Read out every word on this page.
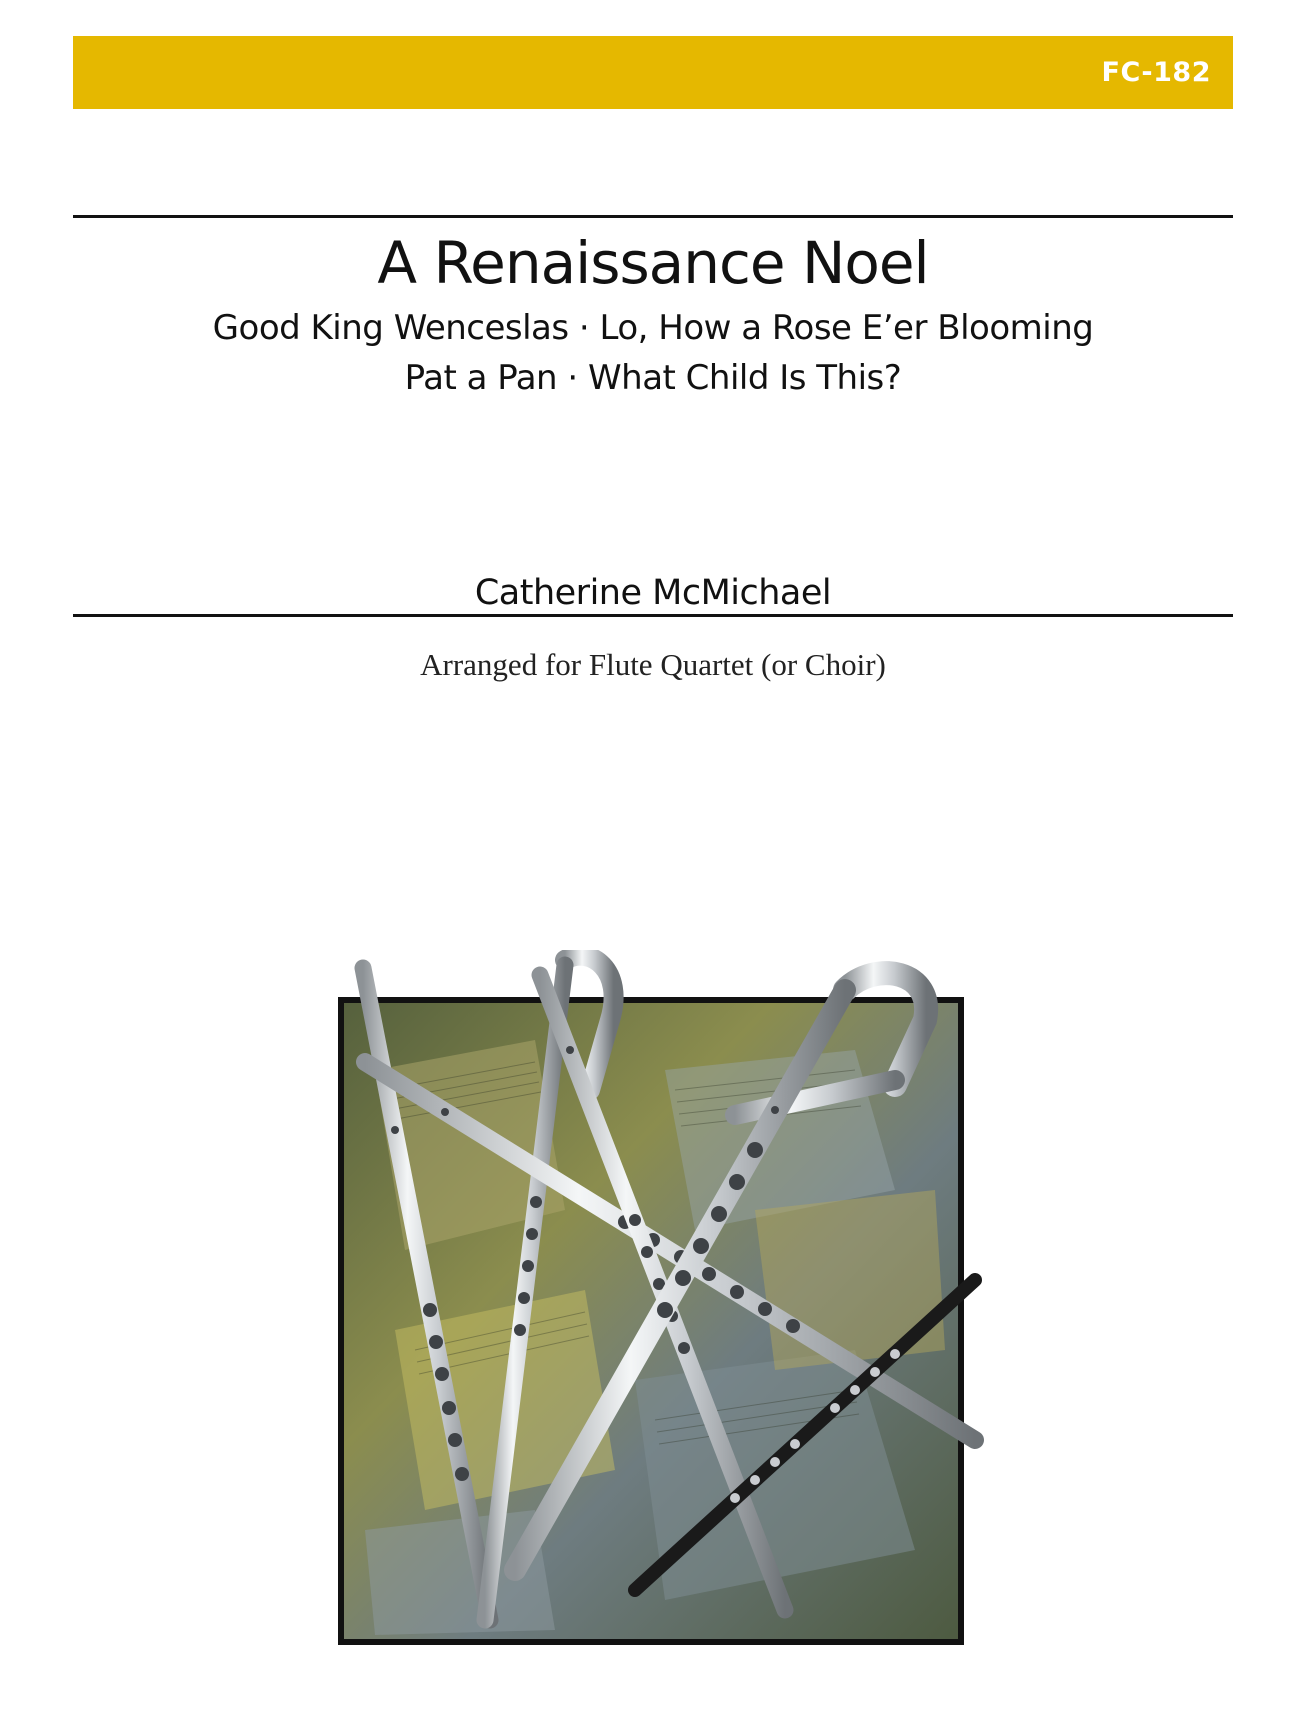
FC-182
A Renaissance Noel
Good King Wenceslas · Lo, How a Rose E’er Blooming
Pat a Pan · What Child Is This?
Catherine McMichael
Arranged for Flute Quartet (or Choir)
